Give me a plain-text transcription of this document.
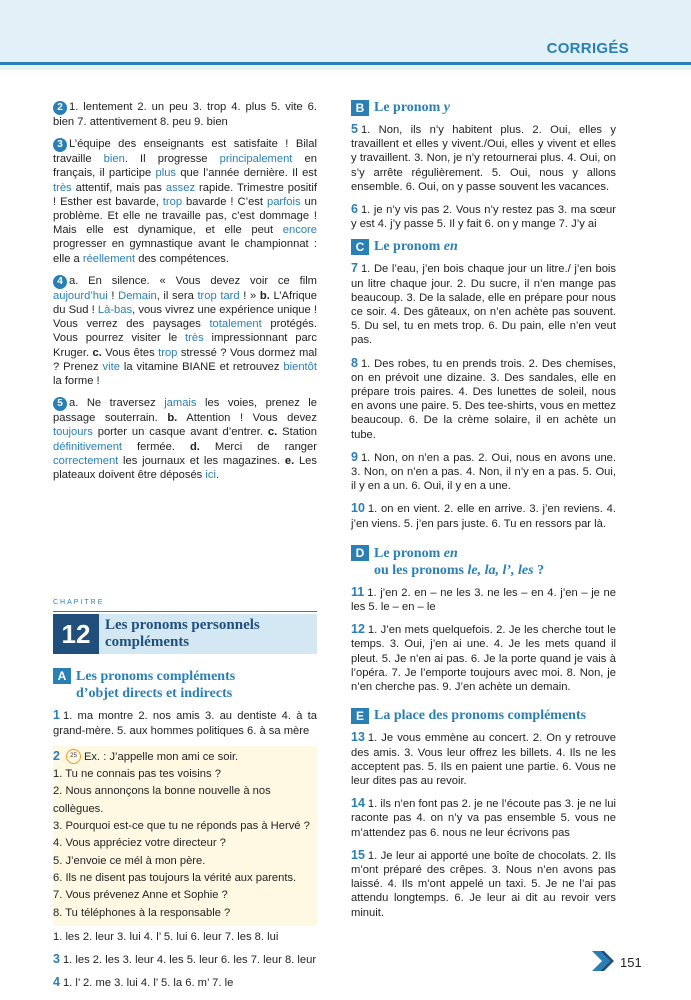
CORRIGÉS

2 1. lentement 2. un peu 3. trop 4. plus 5. vite 6. bien 7. attentivement 8. peu 9. bien

3 L’équipe des enseignants est satisfaite ! Bilal travaille bien. Il progresse principalement en français, il participe plus que l’année dernière. Il est très attentif, mais pas assez rapide. Trimestre positif ! Esther est bavarde, trop bavarde ! C’est parfois un problème. Et elle ne travaille pas, c’est dommage ! Mais elle est dynamique, et elle peut encore progresser en gymnastique avant le championnat : elle a réellement des compétences.

4 a. En silence. « Vous devez voir ce film aujourd’hui ! Demain, il sera trop tard ! » b. L’Afrique du Sud ! Là-bas, vous vivrez une expérience unique ! Vous verrez des paysages totalement protégés. Vous pourrez visiter le très impressionnant parc Kruger. c. Vous êtes trop stressé ? Vous dormez mal ? Prenez vite la vitamine BIANE et retrouvez bientôt la forme !

5 a. Ne traversez jamais les voies, prenez le passage souterrain. b. Attention ! Vous devez toujours porter un casque avant d’entrer. c. Station définitivement fermée. d. Merci de ranger correctement les journaux et les magazines. e. Les plateaux doivent être déposés ici.

CHAPITRE
12 Les pronoms personnels compléments
A Les pronoms compléments
d’objet directs et indirects

1 1. ma montre 2. nos amis 3. au dentiste 4. à ta grand-mère. 5. aux hommes politiques 6. à sa mère

2 25 Ex. : J’appelle mon ami ce soir.

1. Tu ne connais pas tes voisins ?

2. Nous annonçons la bonne nouvelle à nos collègues.

3. Pourquoi est-ce que tu ne réponds pas à Hervé ?

4. Vous appréciez votre directeur ?

5. J’envoie ce mél à mon père.

6. Ils ne disent pas toujours la vérité aux parents.

7. Vous prévenez Anne et Sophie ?

8. Tu téléphones à la responsable ?

1. les 2. leur 3. lui 4. l’ 5. lui 6. leur 7. les 8. lui

3 1. les 2. les 3. leur 4. les 5. leur 6. les 7. leur 8. leur

4 1. l’ 2. me 3. lui 4. l’ 5. la 6. m’ 7. le

B Le pronom y

5 1. Non, ils n’y habitent plus. 2. Oui, elles y travaillent et elles y vivent./Oui, elles y vivent et elles y travaillent. 3. Non, je n’y retournerai plus. 4. Oui, on s’y arrête régulièrement. 5. Oui, nous y allons ensemble. 6. Oui, on y passe souvent les vacances.

6 1. je n’y vis pas 2. Vous n’y restez pas 3. ma sœur y est 4. j’y passe 5. Il y fait 6. on y mange 7. J’y ai

C Le pronom en

7 1. De l’eau, j’en bois chaque jour un litre./ j’en bois un litre chaque jour. 2. Du sucre, il n’en mange pas beaucoup. 3. De la salade, elle en prépare pour nous ce soir. 4. Des gâteaux, on n’en achète pas souvent. 5. Du sel, tu en mets trop. 6. Du pain, elle n’en veut pas.

8 1. Des robes, tu en prends trois. 2. Des chemises, on en prévoit une dizaine. 3. Des sandales, elle en prépare trois paires. 4. Des lunettes de soleil, nous en avons une paire. 5. Des tee-shirts, vous en mettez beaucoup. 6. De la crème solaire, il en achète un tube.

9 1. Non, on n’en a pas. 2. Oui, nous en avons une. 3. Non, on n’en a pas. 4. Non, il n’y en a pas. 5. Oui, il y en a un. 6. Oui, il y en a une.

10 1. on en vient. 2. elle en arrive. 3. j’en reviens. 4. j’en viens. 5. j’en pars juste. 6. Tu en ressors par là.

D Le pronom en
ou les pronoms le, la, l’, les ?

11 1. j’en 2. en – ne les 3. ne les – en 4. j’en – je ne les 5. le – en – le

12 1. J’en mets quelquefois. 2. Je les cherche tout le temps. 3. Oui, j’en ai une. 4. Je les mets quand il pleut. 5. Je n’en ai pas. 6. Je la porte quand je vais à l’opéra. 7. Je l’emporte toujours avec moi. 8. Non, je n’en cherche pas. 9. J’en achète un demain.

E La place des pronoms compléments

13 1. Je vous emmène au concert. 2. On y retrouve des amis. 3. Vous leur offrez les billets. 4. Ils ne les acceptent pas. 5. Ils en paient une partie. 6. Vous ne leur dites pas au revoir.

14 1. ils n’en font pas 2. je ne l’écoute pas 3. je ne lui raconte pas 4. on n’y va pas ensemble 5. vous ne m’attendez pas 6. nous ne leur écrivons pas

15 1. Je leur ai apporté une boîte de chocolats. 2. Ils m’ont préparé des crêpes. 3. Nous n’en avons pas laissé. 4. Ils m’ont appelé un taxi. 5. Je ne l’ai pas attendu longtemps. 6. Je leur ai dit au revoir vers minuit.

151
